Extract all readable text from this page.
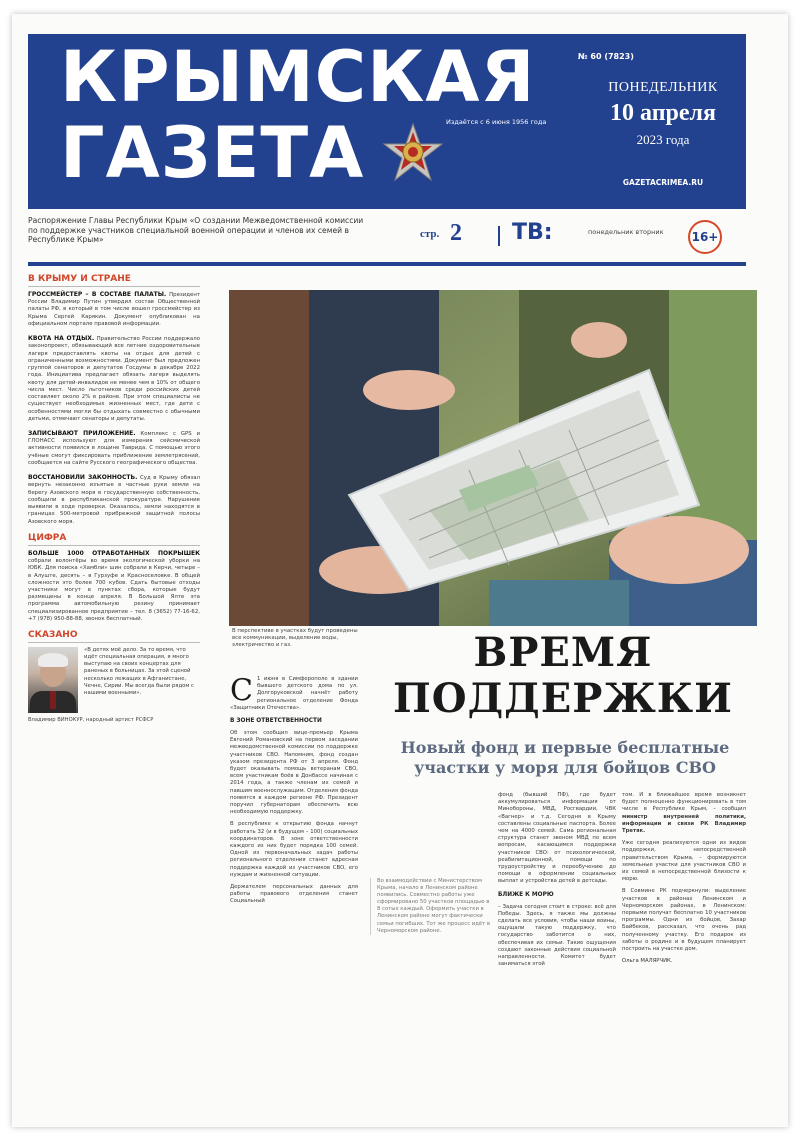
КРЫМСКАЯ
ГАЗЕТА
№ 60 (7823)
Издаётся с 6 июня 1956 года
ПОНЕДЕЛЬНИК
10 апреля
2023 года
GAZETACRIMEA.RU
Распоряжение Главы Республики Крым «О создании Межведомственной комиссии по поддержке участников специальной военной операции и членов их семей в Республике Крым»	стр. 2 ТВ:	понедельник вторник	16+
В КРЫМУ И СТРАНЕ
ГРОССМЕЙСТЕР – В СОСТАВЕ ПАЛАТЫ. Президент России Владимир Путин утвердил состав Общественной палаты РФ, в который в том числе вошел гроссмейстер из Крыма Сергей Карякин. Документ опубликован на официальном портале правовой информации.
КВОТА НА ОТДЫХ. Правительство России поддержало законопроект, обязывающий все летние оздоровительные лагеря предоставлять квоты на отдых для детей с ограниченными возможностями. Документ был предложен группой сенаторов и депутатов Госдумы в декабре 2022 года. Инициатива предлагает обязать лагеря выделять квоту для детей-инвалидов не менее чем в 10% от общего числа мест. Число льготников среди российских детей составляет около 2% в районе. При этом специалисты не существует необходимых жизненных мест, где дети с особенностями могли бы отдыхать совместно с обычными детьми, отмечают сенаторы и депутаты.
ЗАПИСЫВАЮТ ПРИЛОЖЕНИЕ. Комплекс с GPS и ГЛОНАСС используют для измерения сейсмической активности появился в лощине Таврида. С помощью этого учёные смогут фиксировать приближение землетрясений, сообщается на сайте Русского географического общества.
ВОССТАНОВИЛИ ЗАКОННОСТЬ. Суд в Крыму обязал вернуть незаконно изъятые в частные руки земли на берегу Азовского моря в государственную собственность, сообщили в республиканской прокуратуре. Нарушение выявили в ходе проверки. Оказалось, земли находятся в границах 500-метровой прибрежной защитной полосы Азовского моря.
ЦИФРА
БОЛЬШЕ 1000 ОТРАБОТАННЫХ ПОКРЫШЕК собрали волонтёры во время экологической уборки на ЮБК. Для поиска «Хамбли» шин собрали в Керчи, четыре – в Алуште, десять – в Гурзуфе и Красноселовке. В общей сложности это более 700 кубов. Сдать бытовые отходы участники могут в пунктах сбора, которые будут размещены в конце апреля. В Большой Ялте эта программа автомобильную резину принимает специализированное предприятие – тел. 8 (3652) 77-16-62, +7 (978) 950-88-88, звонок бесплатный.
СКАЗАНО
«В детях моё дело. За то время, что идёт специальная операция, я много выступаю на своих концертах для раненых в больницах. За этой сценой несколько лежащих в Афганистане, Чечне, Сирии. Мы всегда были рядом с нашими военными».
Владимир ВИНОКУР, народный артист РСФСР
В перспективе в участках будут проведены все коммуникации, выделение воды, электричество и газ.	ВРЕМЯ
ПОДДЕРЖКИ
Новый фонд и первые бесплатные участки у моря для бойцов СВО

С 1 июня в Симферополе в здании бывшего детского дома по ул. Долгоруковской начнёт работу региональное отделение Фонда «Защитники Отечества».

В ЗОНЕ ОТВЕТСТВЕННОСТИ

Об этом сообщил вице-премьер Крыма Евгений Романовский на первом заседании межведомственной комиссии по поддержке участников СВО. Напомним, фонд создан указом президента РФ от 3 апреля. Фонд будет оказывать помощь ветеранам СВО, всем участникам боёв в Донбассе начиная с 2014 года, а также членам их семей и павшим военнослужащим. Отделения фонда появятся в каждом регионе РФ. Президент поручил губернаторам обеспечить всю необходимую поддержку.

В республике к открытию фонда начнут работать 32 (и в будущем – 100) социальных координаторов. В зоне ответственности каждого из них будет порядка 100 семей. Одной из первоначальных задач работы регионального отделения станет адресная поддержка каждой из участников СВО, его нуждам и жизненной ситуации.

Держателем персональных данных для работы правового отделения станет Социальный

Во взаимодействии с Министерством Крыма, начало в Ленинском районе появились. Совместно работы уже сформировано 50 участков площадью в 8 сотых каждый. Оформить участки в Ленинском районе могут фактически семьи погибших. Тот же процесс идёт в Черноморском районе.

фонд (бывший ПФ), где будет аккумулироваться информация от Минобороны, МВД, Росгвардии, ЧВК «Вагнер» и т.д. Сегодня в Крыму составлены социальные паспорта. Более чем на 4000 семей. Сама региональная структура станет звеном МВД по всем вопросам, касающимся поддержки участников СВО: от психологической, реабилитационной, помощи по трудоустройству и переобучению до помощи в оформлении социальных выплат и устройства детей в детсады.

БЛИЖЕ К МОРЮ

– Задача сегодня стоит в строке: всё для Победы. Здесь, я также мы должны сделать все условия, чтобы наши воины, ощущали такую поддержку, что государство заботится о них, обеспечивая их семьи. Такие ощущения создают законные действия социальной направленности. Комитет будет заниматься этой

том. И в ближайшее время возникнет будет полноценно функционировать в том числе в Республике Крым, – сообщил министр внутренней политики, информации и связи РК Владимир Третяк.

Уже сегодня реализуются одни из видов поддержки, непосредственной правительством Крыма, – формируются земельные участки для участников СВО и их семей в непосредственной близости к морю.

В Совмине РК подчеркнули: выделение участков в районах Ленинском и Черноморском районах, в Ленинском: первыми получат бесплатно 10 участников программы. Одни из бойцов, Захар Байбеков, рассказал, что очень рад полученному участку. Его подарок из заботы о родине и в будущем планирует построить на участке дом.

Ольга МАЛЯРЧИК.
